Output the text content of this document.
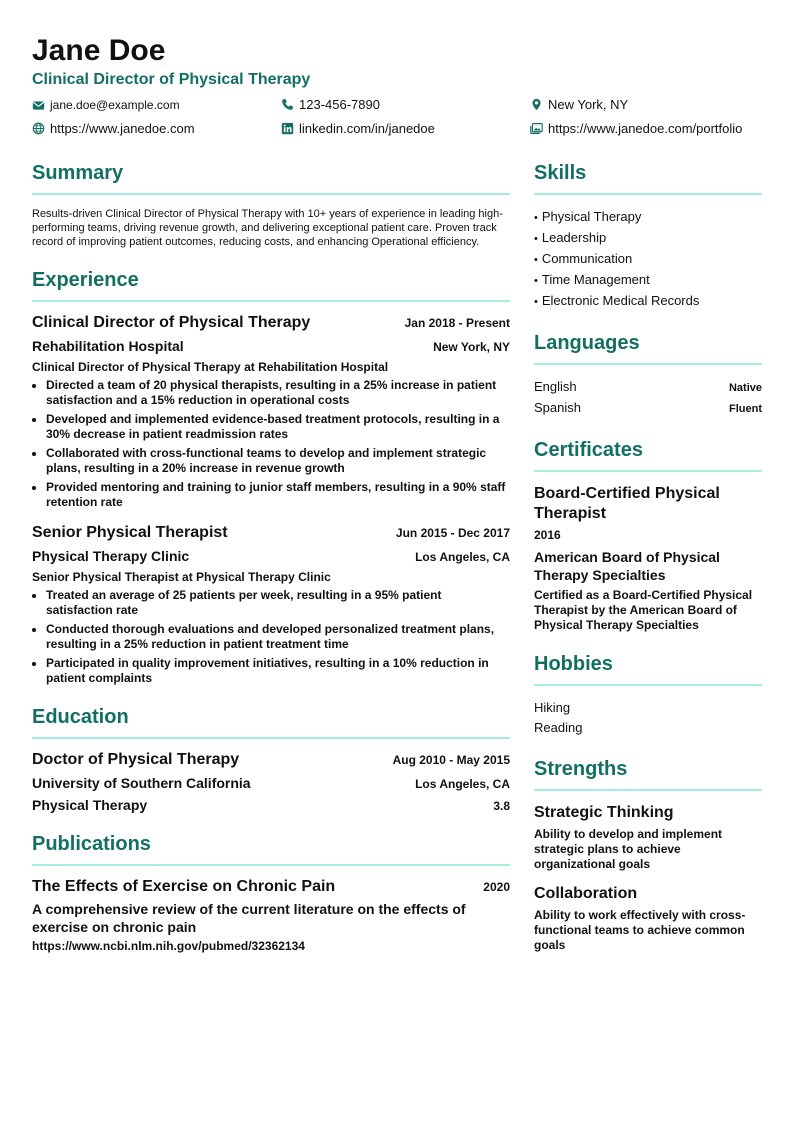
Jane Doe
Clinical Director of Physical Therapy
jane.doe@example.com	123-456-7890	New York, NY
https://www.janedoe.com	linkedin.com/in/janedoe	https://www.janedoe.com/portfolio
Summary
Results-driven Clinical Director of Physical Therapy with 10+ years of experience in leading high-performing teams, driving revenue growth, and delivering exceptional patient care. Proven track record of improving patient outcomes, reducing costs, and enhancing Operational efficiency.
Experience
Clinical Director of Physical Therapy	Jan 2018 - Present
Rehabilitation Hospital	New York, NY
Clinical Director of Physical Therapy at Rehabilitation Hospital
• Directed a team of 20 physical therapists, resulting in a 25% increase in patient satisfaction and a 15% reduction in operational costs
• Developed and implemented evidence-based treatment protocols, resulting in a 30% decrease in patient readmission rates
• Collaborated with cross-functional teams to develop and implement strategic plans, resulting in a 20% increase in revenue growth
• Provided mentoring and training to junior staff members, resulting in a 90% staff retention rate
Senior Physical Therapist	Jun 2015 - Dec 2017
Physical Therapy Clinic	Los Angeles, CA
Senior Physical Therapist at Physical Therapy Clinic
• Treated an average of 25 patients per week, resulting in a 95% patient satisfaction rate
• Conducted thorough evaluations and developed personalized treatment plans, resulting in a 25% reduction in patient treatment time
• Participated in quality improvement initiatives, resulting in a 10% reduction in patient complaints
Education
Doctor of Physical Therapy	Aug 2010 - May 2015
University of Southern California	Los Angeles, CA
Physical Therapy	3.8
Publications
The Effects of Exercise on Chronic Pain	2020
A comprehensive review of the current literature on the effects of exercise on chronic pain
https://www.ncbi.nlm.nih.gov/pubmed/32362134
Skills
• Physical Therapy
• Leadership
• Communication
• Time Management
• Electronic Medical Records
Languages
English	Native
Spanish	Fluent
Certificates
Board-Certified Physical Therapist
2016
American Board of Physical Therapy Specialties
Certified as a Board-Certified Physical Therapist by the American Board of Physical Therapy Specialties
Hobbies
Hiking
Reading
Strengths
Strategic Thinking
Ability to develop and implement strategic plans to achieve organizational goals
Collaboration
Ability to work effectively with cross-functional teams to achieve common goals
